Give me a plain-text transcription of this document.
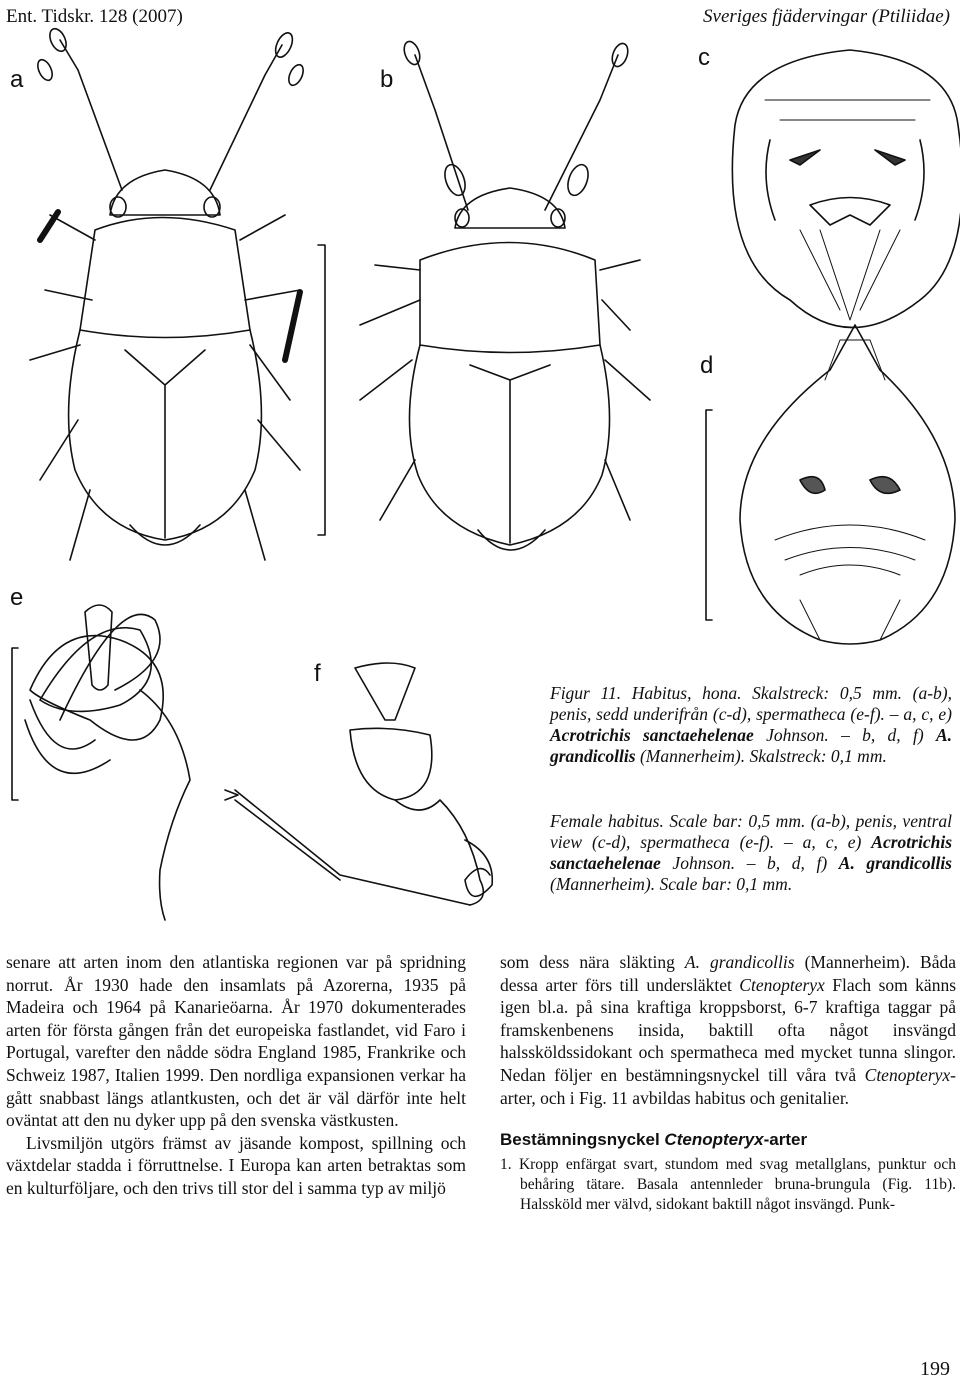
Ent. Tidskr. 128 (2007)	Sveriges fjädervingar (Ptiliidae)
a	b
c
d
e
f
Figur 11. Habitus, hona. Skalstreck: 0,5 mm. (a-b), penis, sedd underifrån (c-d), spermatheca (e-f). – a, c, e) Acrotrichis sanctaehelenae Johnson. – b, d, f) A. grandicollis (Mannerheim). Skalstreck: 0,1 mm.
Female habitus. Scale bar: 0,5 mm. (a-b), penis, ventral view (c-d), spermatheca (e-f). – a, c, e) Acrotrichis sanctaehelenae Johnson. – b, d, f) A. grandicollis (Mannerheim). Scale bar: 0,1 mm.

senare att arten inom den atlantiska regionen var på spridning norrut. År 1930 hade den insamlats på Azorerna, 1935 på Madeira och 1964 på Kanarieöarna. År 1970 dokumenterades arten för första gången från det europeiska fastlandet, vid Faro i Portugal, varefter den nådde södra England 1985, Frankrike och Schweiz 1987, Italien 1999. Den nordliga expansionen verkar ha gått snabbast längs atlantkusten, och det är väl därför inte helt oväntat att den nu dyker upp på den svenska västkusten.

Livsmiljön utgörs främst av jäsande kompost, spillning och växtdelar stadda i förruttnelse. I Europa kan arten betraktas som en kulturföljare, och den trivs till stor del i samma typ av miljö

som dess nära släkting A. grandicollis (Mannerheim). Båda dessa arter förs till undersläktet Ctenopteryx Flach som känns igen bl.a. på sina kraftiga kroppsborst, 6-7 kraftiga taggar på framskenbenens insida, baktill ofta något insvängd halssköldssidokant och spermatheca med mycket tunna slingor. Nedan följer en bestämningsnyckel till våra två Ctenopteryx-arter, och i Fig. 11 avbildas habitus och genitalier.

Bestämningsnyckel Ctenopteryx-arter

1. Kropp enfärgat svart, stundom med svag metallglans, punktur och behåring tätare. Basala antennleder bruna-brungula (Fig. 11b). Halssköld mer välvd, sidokant baktill något insvängd. Punk-

199
